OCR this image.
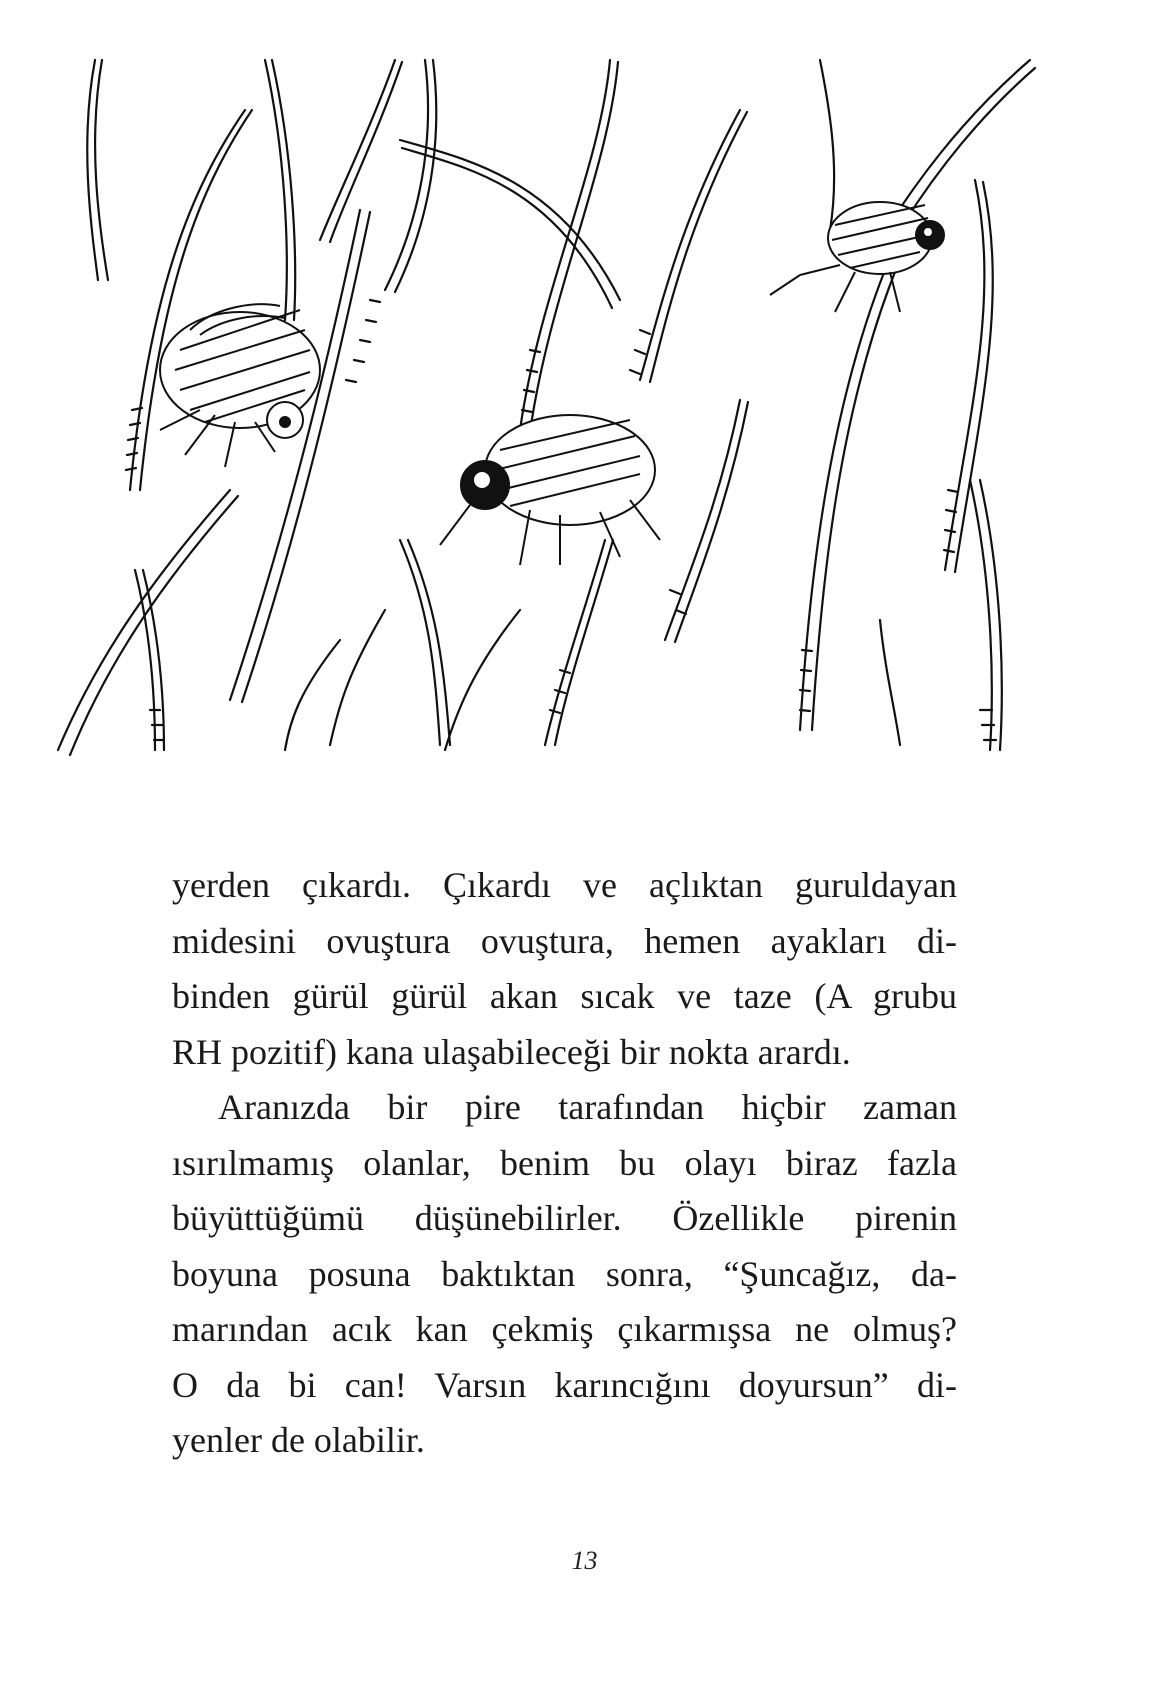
yerden çıkardı. Çıkardı ve açlıktan guruldayan
midesini ovuştura ovuştura, hemen ayakları di-
binden gürül gürül akan sıcak ve taze (A grubu
RH pozitif) kana ulaşabileceği bir nokta arardı.

Aranızda bir pire tarafından hiçbir zaman
ısırılmamış olanlar, benim bu olayı biraz fazla
büyüttüğümü düşünebilirler. Özellikle pirenin
boyuna posuna baktıktan sonra, “Şuncağız, da-
marından acık kan çekmiş çıkarmışsa ne olmuş?
O da bi can! Varsın karıncığını doyursun” di-
yenler de olabilir.

13
